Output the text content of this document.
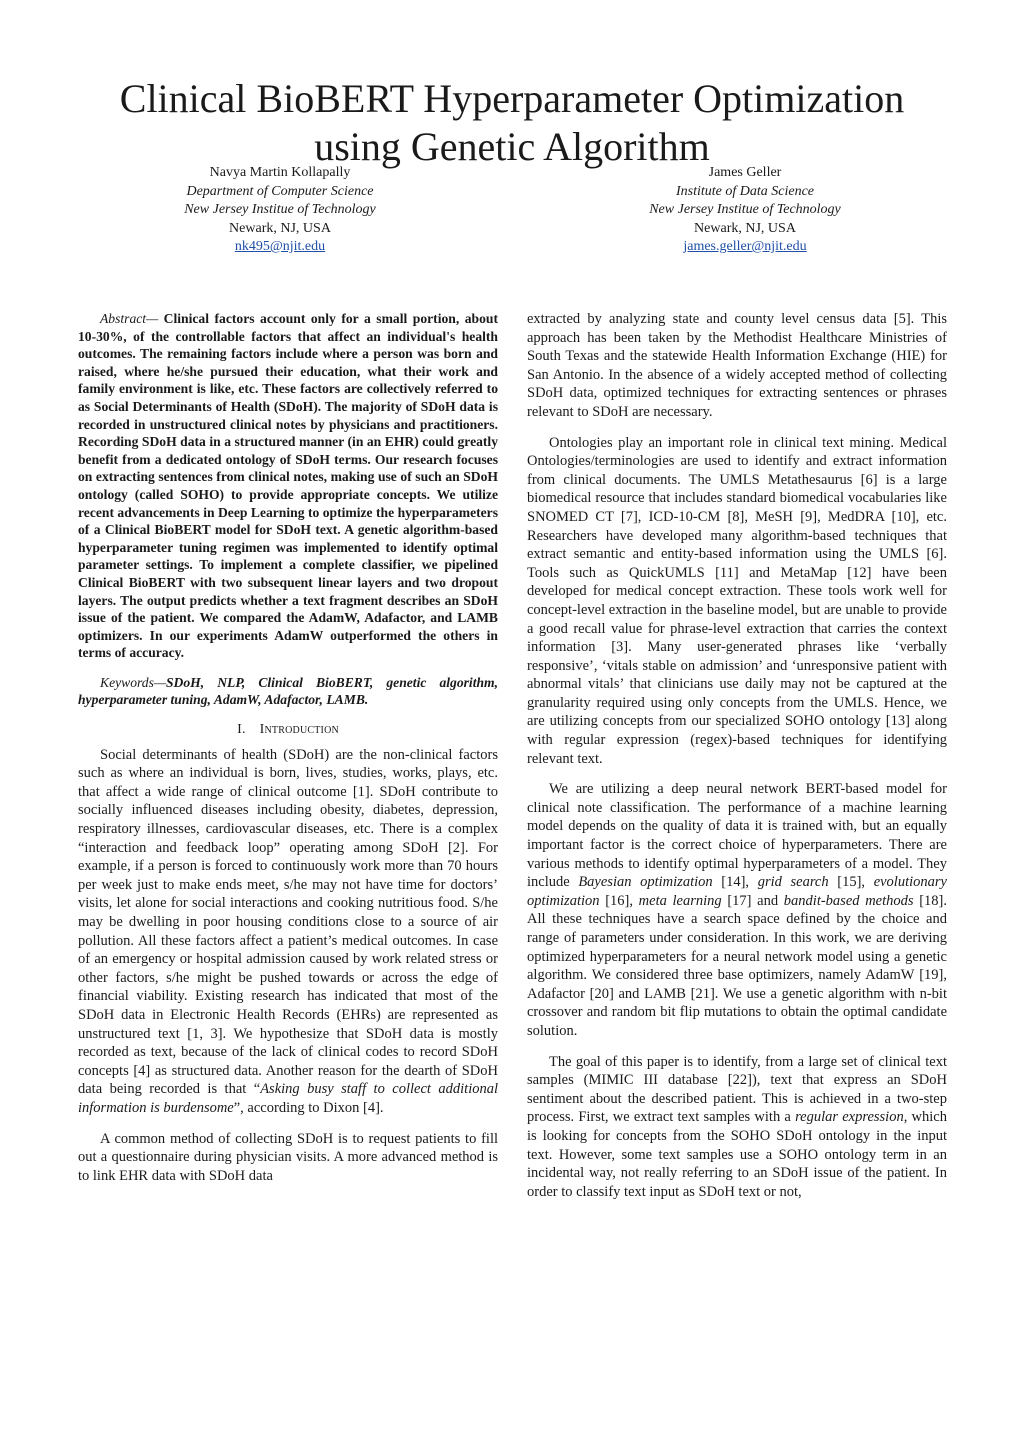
Clinical BioBERT Hyperparameter Optimization
using Genetic Algorithm
Navya Martin Kollapally
Department of Computer Science
New Jersey Institue of Technology
Newark, NJ, USA
nk495@njit.edu
James Geller
Institute of Data Science
New Jersey Institue of Technology
Newark, NJ, USA
james.geller@njit.edu

Abstract— Clinical factors account only for a small portion, about 10-30%, of the controllable factors that affect an individual's health outcomes. The remaining factors include where a person was born and raised, where he/she pursued their education, what their work and family environment is like, etc. These factors are collectively referred to as Social Determinants of Health (SDoH). The majority of SDoH data is recorded in unstructured clinical notes by physicians and practitioners. Recording SDoH data in a structured manner (in an EHR) could greatly benefit from a dedicated ontology of SDoH terms. Our research focuses on extracting sentences from clinical notes, making use of such an SDoH ontology (called SOHO) to provide appropriate concepts. We utilize recent advancements in Deep Learning to optimize the hyperparameters of a Clinical BioBERT model for SDoH text. A genetic algorithm-based hyperparameter tuning regimen was implemented to identify optimal parameter settings. To implement a complete classifier, we pipelined Clinical BioBERT with two subsequent linear layers and two dropout layers. The output predicts whether a text fragment describes an SDoH issue of the patient. We compared the AdamW, Adafactor, and LAMB optimizers. In our experiments AdamW outperformed the others in terms of accuracy.

Keywords—SDoH, NLP, Clinical BioBERT, genetic algorithm, hyperparameter tuning, AdamW, Adafactor, LAMB.

I. Introduction

Social determinants of health (SDoH) are the non-clinical factors such as where an individual is born, lives, studies, works, plays, etc. that affect a wide range of clinical outcome [1]. SDoH contribute to socially influenced diseases including obesity, diabetes, depression, respiratory illnesses, cardiovascular diseases, etc. There is a complex “interaction and feedback loop” operating among SDoH [2]. For example, if a person is forced to continuously work more than 70 hours per week just to make ends meet, s/he may not have time for doctors’ visits, let alone for social interactions and cooking nutritious food. S/he may be dwelling in poor housing conditions close to a source of air pollution. All these factors affect a patient’s medical outcomes. In case of an emergency or hospital admission caused by work related stress or other factors, s/he might be pushed towards or across the edge of financial viability. Existing research has indicated that most of the SDoH data in Electronic Health Records (EHRs) are represented as unstructured text [1, 3]. We hypothesize that SDoH data is mostly recorded as text, because of the lack of clinical codes to record SDoH concepts [4] as structured data. Another reason for the dearth of SDoH data being recorded is that “Asking busy staff to collect additional information is burdensome”, according to Dixon [4].

A common method of collecting SDoH is to request patients to fill out a questionnaire during physician visits. A more advanced method is to link EHR data with SDoH data

extracted by analyzing state and county level census data [5]. This approach has been taken by the Methodist Healthcare Ministries of South Texas and the statewide Health Information Exchange (HIE) for San Antonio. In the absence of a widely accepted method of collecting SDoH data, optimized techniques for extracting sentences or phrases relevant to SDoH are necessary.

Ontologies play an important role in clinical text mining. Medical Ontologies/terminologies are used to identify and extract information from clinical documents. The UMLS Metathesaurus [6] is a large biomedical resource that includes standard biomedical vocabularies like SNOMED CT [7], ICD-10-CM [8], MeSH [9], MedDRA [10], etc. Researchers have developed many algorithm-based techniques that extract semantic and entity-based information using the UMLS [6]. Tools such as QuickUMLS [11] and MetaMap [12] have been developed for medical concept extraction. These tools work well for concept-level extraction in the baseline model, but are unable to provide a good recall value for phrase-level extraction that carries the context information [3]. Many user-generated phrases like ‘verbally responsive’, ‘vitals stable on admission’ and ‘unresponsive patient with abnormal vitals’ that clinicians use daily may not be captured at the granularity required using only concepts from the UMLS. Hence, we are utilizing concepts from our specialized SOHO ontology [13] along with regular expression (regex)-based techniques for identifying relevant text.

We are utilizing a deep neural network BERT-based model for clinical note classification. The performance of a machine learning model depends on the quality of data it is trained with, but an equally important factor is the correct choice of hyperparameters. There are various methods to identify optimal hyperparameters of a model. They include Bayesian optimization [14], grid search [15], evolutionary optimization [16], meta learning [17] and bandit-based methods [18]. All these techniques have a search space defined by the choice and range of parameters under consideration. In this work, we are deriving optimized hyperparameters for a neural network model using a genetic algorithm. We considered three base optimizers, namely AdamW [19], Adafactor [20] and LAMB [21]. We use a genetic algorithm with n-bit crossover and random bit flip mutations to obtain the optimal candidate solution.

The goal of this paper is to identify, from a large set of clinical text samples (MIMIC III database [22]), text that express an SDoH sentiment about the described patient. This is achieved in a two-step process. First, we extract text samples with a regular expression, which is looking for concepts from the SOHO SDoH ontology in the input text. However, some text samples use a SOHO ontology term in an incidental way, not really referring to an SDoH issue of the patient. In order to classify text input as SDoH text or not,
